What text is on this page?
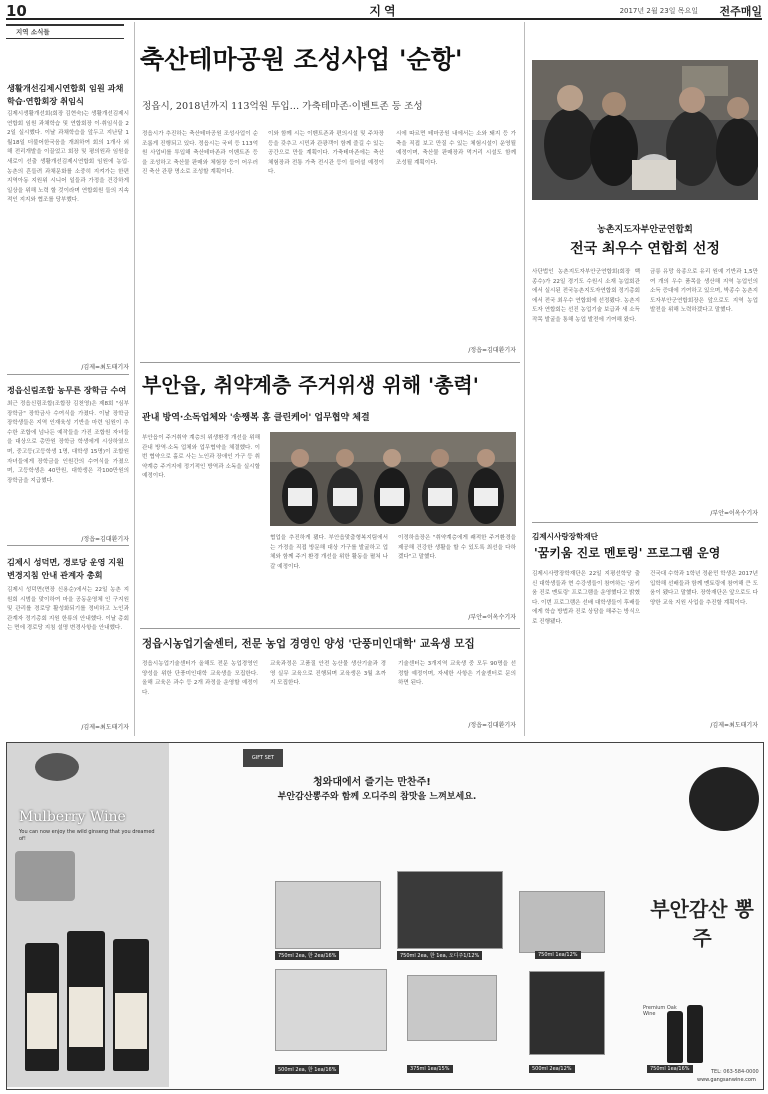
10	지역	2017년 2월 23일 목요일 전주매일
지역 소식들
생활개선김제시연합회 임원 과채학습·연합회장 취임식
김제시생활개선회(회장 김현숙)는 생활개선김제시연합회 임원 과채학습 및 연합회장 이·취임식을 22일 실시했다. 이날 과채학습을 앞두고 지난달 1월18일 더불어한국음을 개최하여 회의 1개사 외해 전리개발을 이끌었고 회장 및 평의원과 임원을 새로이 선출 생활개선김제시연합회 임원에 농업·농촌의 흔들려 과채문화를 소중히 지켜가는 한편 지역아동 지원위 시니어 일들과 가정을 건강하게 일상을 위해 노력 할 것이라며 연합회원 들의 지속적인 지지와 협조를 당부했다.
/김제=최도태기자
정읍신림조합 농무른 장학금 수여
최근 정읍신림조합(조합장 김천영)은 제8회 "심부장학금" 장학금사 수여식을 가졌다. 이날 장학금 장학생들은 지역 인재육성 기반을 마련 임원이 추수한 조합에 넘나든 예작들을 가진 조합원 자녀들을 대상으로 총만원 장학금 학생에게 시상하였으며, 중고등(고등학생 1명, 대학생 15명)이 조합원 자녀들에게 장학금을 인원간의 수여식을 가졌으며, 고등학생은 40만원, 대학생은 각100만원의 장학금을 지급했다.
/정읍=김대환기자
김제시 성덕면, 경로당 운영 지원 변경지침 안내 관계자 총회
김제시 성덕면(면장 신용순)에서는 22일 농촌 지원회 시범을 맞이하여 마을 공동운영체 인 구지원 및 관리를 경로당 활성화되기를 정비하고 노인과 관계자 정기총회 지원 한류의 안내했다. 이날 총회는 면에 경로당 지침 설명 변경사항을 안내했다.
/김제=최도태기자
축산테마공원 조성사업 '순항'
정읍시, 2018년까지 113억원 투입… 가축테마존·이벤트존 등 조성
정읍시가 추진하는 축산테마공원 조성사업이 순조롭게 진행되고 있다. 정읍시는 국비 등 113억원 사업비를 투입해 축산테마존과 이벤트존 등을 조성하고 축산물 판매와 체험장 등이 어우러진 축산 관광 명소로 조성할 계획이다.
이와 함께 시는 이벤트존과 편의시설 및 주차장 등을 갖추고 시민과 관광객이 함께 즐길 수 있는 공간으로 만들 계획이다. 가축테마존에는 축산체험장과 전통 가축 전시관 등이 들어설 예정이다.
시에 따르면 테마공원 내에서는 소와 돼지 등 가축을 직접 보고 만질 수 있는 체험시설이 운영될 예정이며, 축산물 판매장과 먹거리 시설도 함께 조성될 계획이다.
/정읍=김대환기자
농촌지도자부안군연합회
전국 최우수 연합회 선정
사단법인 농촌지도자부안군연합회(회장 백종수)가 22일 경기도 수원시 소재 농업회관에서 실시된 전국농촌지도자연합회 정기총회에서 전국 최우수 연합회에 선정됐다. 농촌지도자 연합회는 선진 농업기술 보급과 새 소득작목 발굴을 통해 농업 발전에 기여해 왔다.
금릉 유망 육종으로 유리 원예 기반과 1,5만여 개의 우수 품목을 생산해 지역 농업인의 소득 증대에 기여하고 있으며, 박종수 농촌지도자부안군연합회장은 앞으로도 지역 농업 발전을 위해 노력하겠다고 말했다.
/부안=이옥수기자
김제시사랑장학재단
'꿈키움 진로 멘토링' 프로그램 운영
김제시사랑장학재단은 22일 지평선학당 출신 대학생들과 현 수강생들이 참여하는 '꿈키움 진로 멘토링' 프로그램을 운영했다고 밝혔다. 이번 프로그램은 선배 대학생들이 후배들에게 학습 방법과 진로 상담을 해주는 방식으로 진행됐다.
건국대 수학과 1학년 정윤민 학생은 2017년 입학해 선배들과 함께 멘토링에 참여해 큰 도움이 됐다고 말했다. 장학재단은 앞으로도 다양한 교육 지원 사업을 추진할 계획이다.
/김제=최도태기자
부안읍, 취약계층 주거위생 위해 '총력'
관내 방역·소독업체와 '송쨍복 홈 클린케어' 업무협약 체결
부안읍이 주거취약 계층의 위생환경 개선을 위해 관내 방역·소독 업체와 업무협약을 체결했다. 이번 협약으로 홀로 사는 노인과 장애인 가구 등 취약계층 주거지에 정기적인 방역과 소독을 실시할 예정이다.
협업을 추진하게 됐다. 부안읍맞춤형복지팀에서는 가정을 직접 방문해 대상 가구를 발굴하고 업체와 함께 주거 환경 개선을 위한 활동을 펼쳐 나갈 예정이다.
이정하읍장은 "취약계층에게 쾌적한 주거환경을 제공해 건강한 생활을 할 수 있도록 최선을 다하겠다"고 말했다.
/부안=이옥수기자
정읍시농업기술센터, 전문 농업 경영인 양성 '단풍미인대학' 교육생 모집
정읍시농업기술센터가 올해도 전문 농업경영인 양성을 위한 단풍미인대학 교육생을 모집한다. 올해 교육은 과수 등 2개 과정을 운영할 예정이다.
교육과정은 고품질 안전 농산물 생산기술과 경영 실무 교육으로 진행되며 교육생은 3월 초까지 모집한다.
기술센터는 3개지역 교육생 중 모두 90명을 선정할 예정이며, 자세한 사항은 기술센터로 문의하면 된다.
/정읍=김대환기자
Mulberry Wine
You can now enjoy the wild ginseng that you dreamed of!
GIFT SET
청와대에서 즐기는 만찬주!
부안감산뽕주와 함께 오디주의 참맛을 느껴보세요.
750ml 2ea, 한 2ea/16%	750ml 2ea, 한 1ea, 오디주1/12%	750ml 1ea/12%
500ml 2ea, 한 1ea/16%	375ml 1ea/15%	500ml 2ea/12%	750ml 1ea/16%
부안감산 뽕주
Premium Oak Wine
TEL: 063-584-0000
www.gangsanwine.com
